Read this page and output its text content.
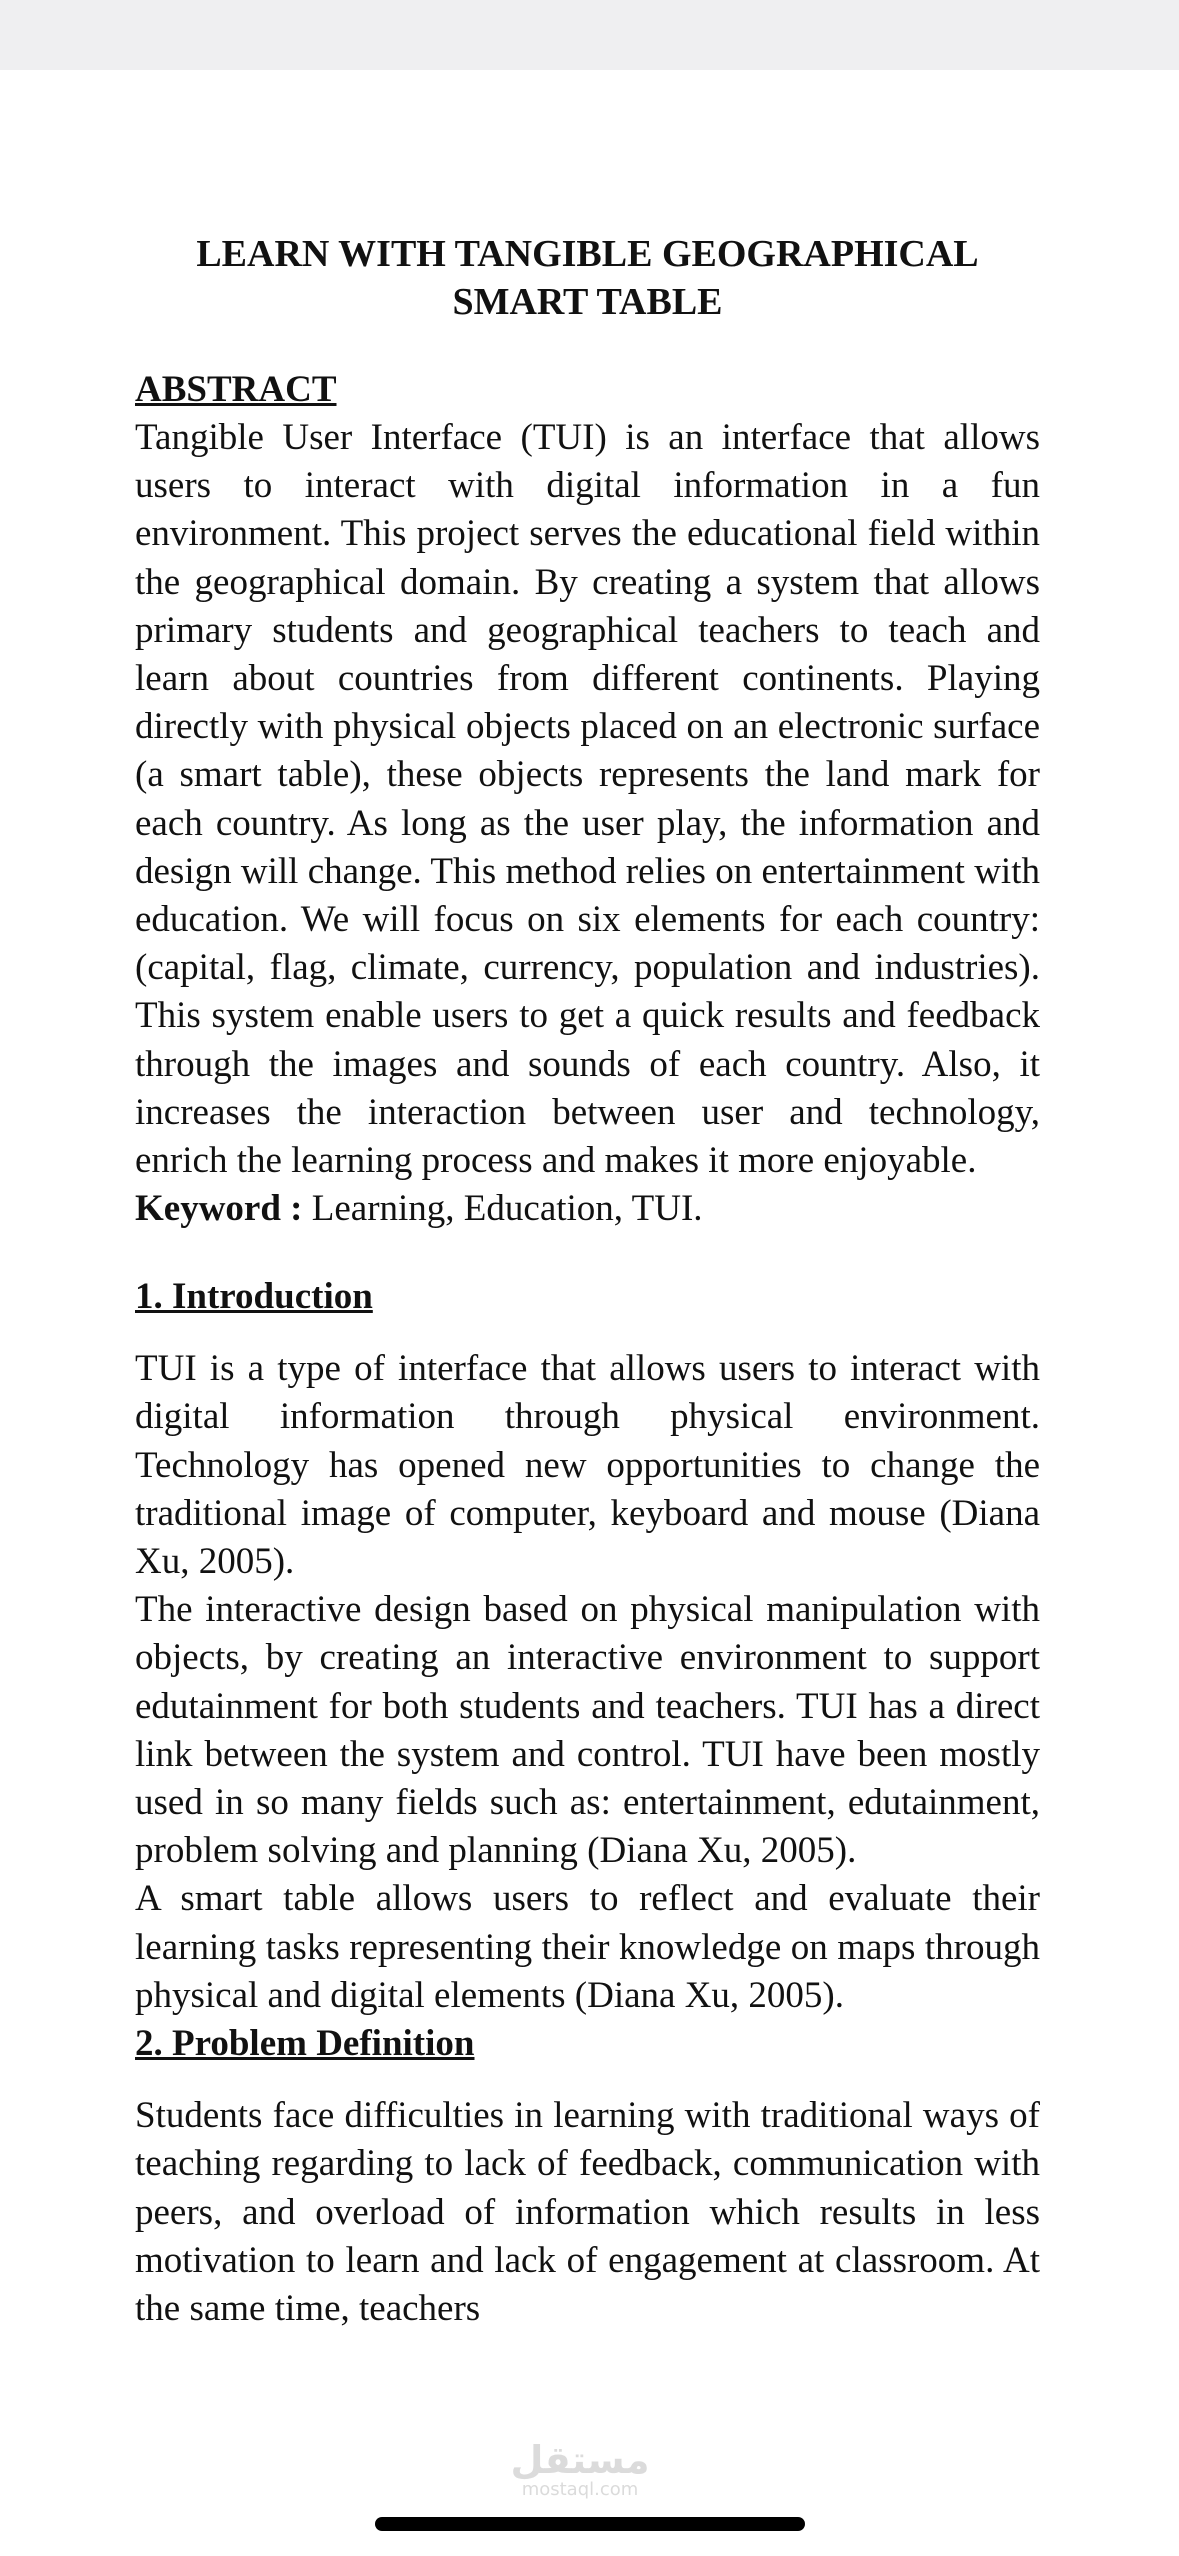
LEARN WITH TANGIBLE GEOGRAPHICAL
SMART TABLE

ABSTRACT

Tangible User Interface (TUI) is an interface that allows users to interact with digital information in a fun environment. This project serves the educational field within the geographical domain. By creating a system that allows primary students and geographical teachers to teach and learn about countries from different continents. Playing directly with physical objects placed on an electronic surface (a smart table), these objects represents the land mark for each country. As long as the user play, the information and design will change. This method relies on entertainment with education. We will focus on six elements for each country: (capital, flag, climate, currency, population and industries). This system enable users to get a quick results and feedback through the images and sounds of each country. Also, it increases the interaction between user and technology, enrich the learning process and makes it more enjoyable.

Keyword : Learning, Education, TUI.

1. Introduction

TUI is a type of interface that allows users to interact with digital information through physical environment. Technology has opened new opportunities to change the traditional image of computer, keyboard and mouse (Diana Xu, 2005).

The interactive design based on physical manipulation with objects, by creating an interactive environment to support edutainment for both students and teachers. TUI has a direct link between the system and control. TUI have been mostly used in so many fields such as: entertainment, edutainment, problem solving and planning (Diana Xu, 2005).

A smart table allows users to reflect and evaluate their learning tasks representing their knowledge on maps through physical and digital elements (Diana Xu, 2005).

2. Problem Definition

Students face difficulties in learning with traditional ways of teaching regarding to lack of feedback, communication with peers, and overload of information which results in less motivation to learn and lack of engagement at classroom. At the same time, teachers

مستقل
mostaql.com
